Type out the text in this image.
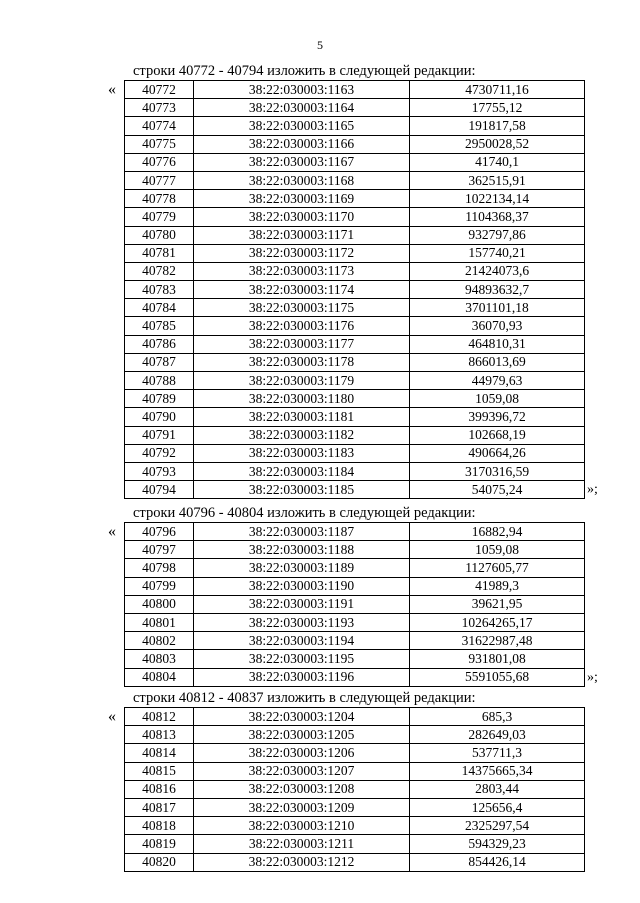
5
строки 40772 - 40794 изложить в следующей редакции:
« 40772	38:22:030003:1163	4730711,16
40773	38:22:030003:1164	17755,12
40774	38:22:030003:1165	191817,58
40775	38:22:030003:1166	2950028,52
40776	38:22:030003:1167	41740,1
40777	38:22:030003:1168	362515,91
40778	38:22:030003:1169	1022134,14
40779	38:22:030003:1170	1104368,37
40780	38:22:030003:1171	932797,86
40781	38:22:030003:1172	157740,21
40782	38:22:030003:1173	21424073,6
40783	38:22:030003:1174	94893632,7
40784	38:22:030003:1175	3701101,18
40785	38:22:030003:1176	36070,93
40786	38:22:030003:1177	464810,31
40787	38:22:030003:1178	866013,69
40788	38:22:030003:1179	44979,63
40789	38:22:030003:1180	1059,08
40790	38:22:030003:1181	399396,72
40791	38:22:030003:1182	102668,19
40792	38:22:030003:1183	490664,26
40793	38:22:030003:1184	3170316,59
40794	38:22:030003:1185	54075,24	»;
строки 40796 - 40804 изложить в следующей редакции:
« 40796	38:22:030003:1187	16882,94
40797	38:22:030003:1188	1059,08
40798	38:22:030003:1189	1127605,77
40799	38:22:030003:1190	41989,3
40800	38:22:030003:1191	39621,95
40801	38:22:030003:1193	10264265,17
40802	38:22:030003:1194	31622987,48
40803	38:22:030003:1195	931801,08
40804	38:22:030003:1196	5591055,68	»;
строки 40812 - 40837 изложить в следующей редакции:
« 40812	38:22:030003:1204	685,3
40813	38:22:030003:1205	282649,03
40814	38:22:030003:1206	537711,3
40815	38:22:030003:1207	14375665,34
40816	38:22:030003:1208	2803,44
40817	38:22:030003:1209	125656,4
40818	38:22:030003:1210	2325297,54
40819	38:22:030003:1211	594329,23
40820	38:22:030003:1212	854426,14
